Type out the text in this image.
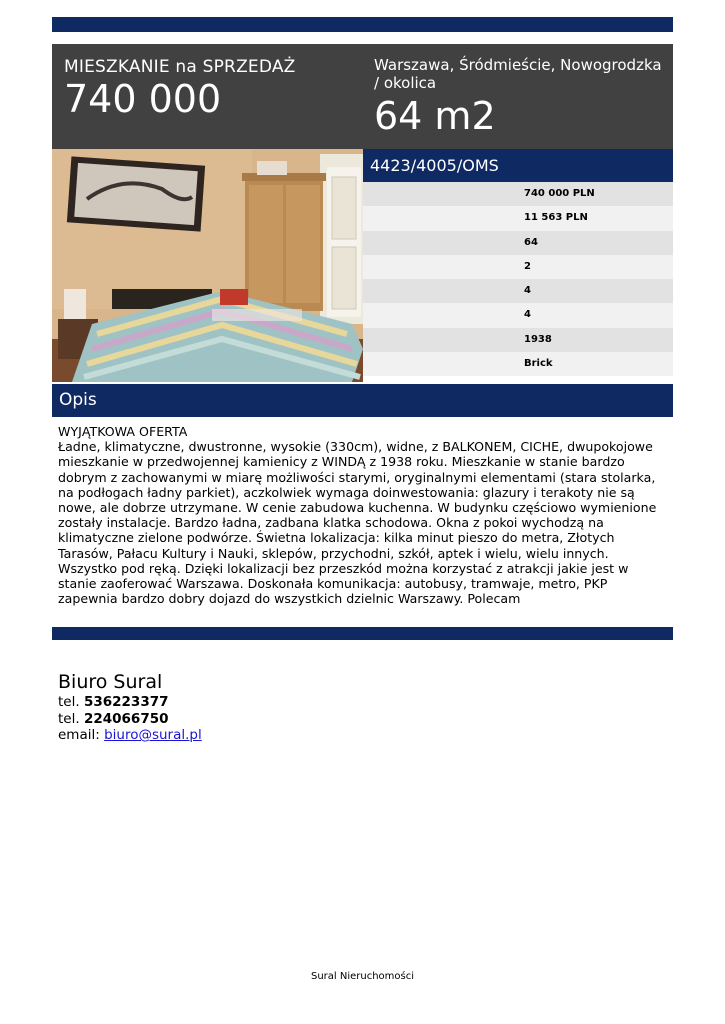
MIESZKANIE na SPRZEDAŻ
740 000
Warszawa, Śródmieście, Nowogrodzka / okolica
64 m2
4423/4005/OMS
740 000 PLN
11 563 PLN
64
2
4
4
1938
Brick
Opis

WYJĄTKOWA OFERTA

Ładne, klimatyczne, dwustronne, wysokie (330cm), widne, z BALKONEM, CICHE, dwupokojowe mieszkanie w przedwojennej kamienicy z WINDĄ z 1938 roku. Mieszkanie w stanie bardzo dobrym z zachowanymi w miarę możliwości starymi, oryginalnymi elementami (stara stolarka, na podłogach ładny parkiet), aczkolwiek wymaga doinwestowania: glazury i terakoty nie są nowe, ale dobrze utrzymane. W cenie zabudowa kuchenna. W budynku częściowo wymienione zostały instalacje. Bardzo ładna, zadbana klatka schodowa. Okna z pokoi wychodzą na klimatyczne zielone podwórze. Świetna lokalizacja: kilka minut pieszo do metra, Złotych Tarasów, Pałacu Kultury i Nauki, sklepów, przychodni, szkół, aptek i wielu, wielu innych. Wszystko pod ręką. Dzięki lokalizacji bez przeszkód można korzystać z atrakcji jakie jest w stanie zaoferować Warszawa. Doskonała komunikacja: autobusy, tramwaje, metro, PKP zapewnia bardzo dobry dojazd do wszystkich dzielnic Warszawy. Polecam

Biuro Sural
tel. 536223377
tel. 224066750
email: biuro@sural.pl
Sural Nieruchomości
